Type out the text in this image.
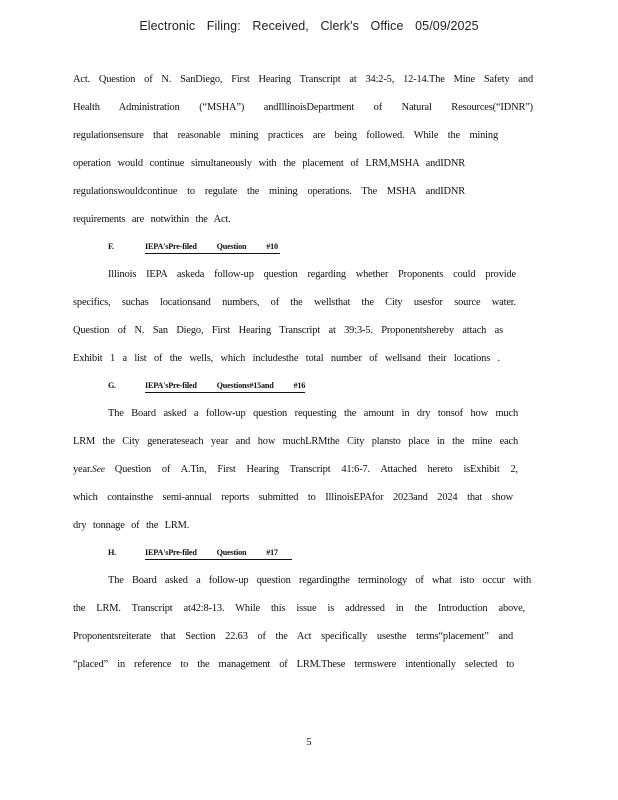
Electronic Filing: Received, Clerk's Office 05/09/2025
Act. Question of N. SanDiego, First Hearing Transcript at 34:2-5, 12-14.The Mine Safety and
Health Administration (“MSHA”) andIllinoisDepartment of Natural Resources(“IDNR”)
regulationsensure that reasonable mining practices are being followed. While the mining
operation would continue simultaneously with the placement of LRM,MSHA andIDNR
regulationswouldcontinue to regulate the mining operations. The MSHA andIDNR
requirements are notwithin the Act.
F.	IEPA'sPre-filed Question #10
Illinois IEPA askeda follow-up question regarding whether Proponents could provide
specifics, suchas locationsand numbers, of the wellsthat the City usesfor source water.
Question of N. San Diego, First Hearing Transcript at 39:3-5. Proponentshereby attach as
Exhibit 1 a list of the wells, which includesthe total number of wellsand their locations .
G.	IEPA'sPre-filed Questions#15and #16
The Board asked a follow-up question requesting the amount in dry tonsof how much
LRM the City generateseach year and how muchLRMthe City plansto place in the mine each
year. See Question of A.Tin, First Hearing Transcript 41:6-7. Attached hereto isExhibit 2,
which containsthe semi-annual reports submitted to IllinoisEPAfor 2023and 2024 that show
dry tonnage of the LRM.
H.	IEPA'sPre-filed Question #17
The Board asked a follow-up question regardingthe terminology of what isto occur with
the LRM. Transcript at42:8-13. While this issue is addressed in the Introduction above,
Proponentsreiterate that Section 22.63 of the Act specifically usesthe terms“placement” and
“placed” in reference to the management of LRM.These termswere intentionally selected to
5
